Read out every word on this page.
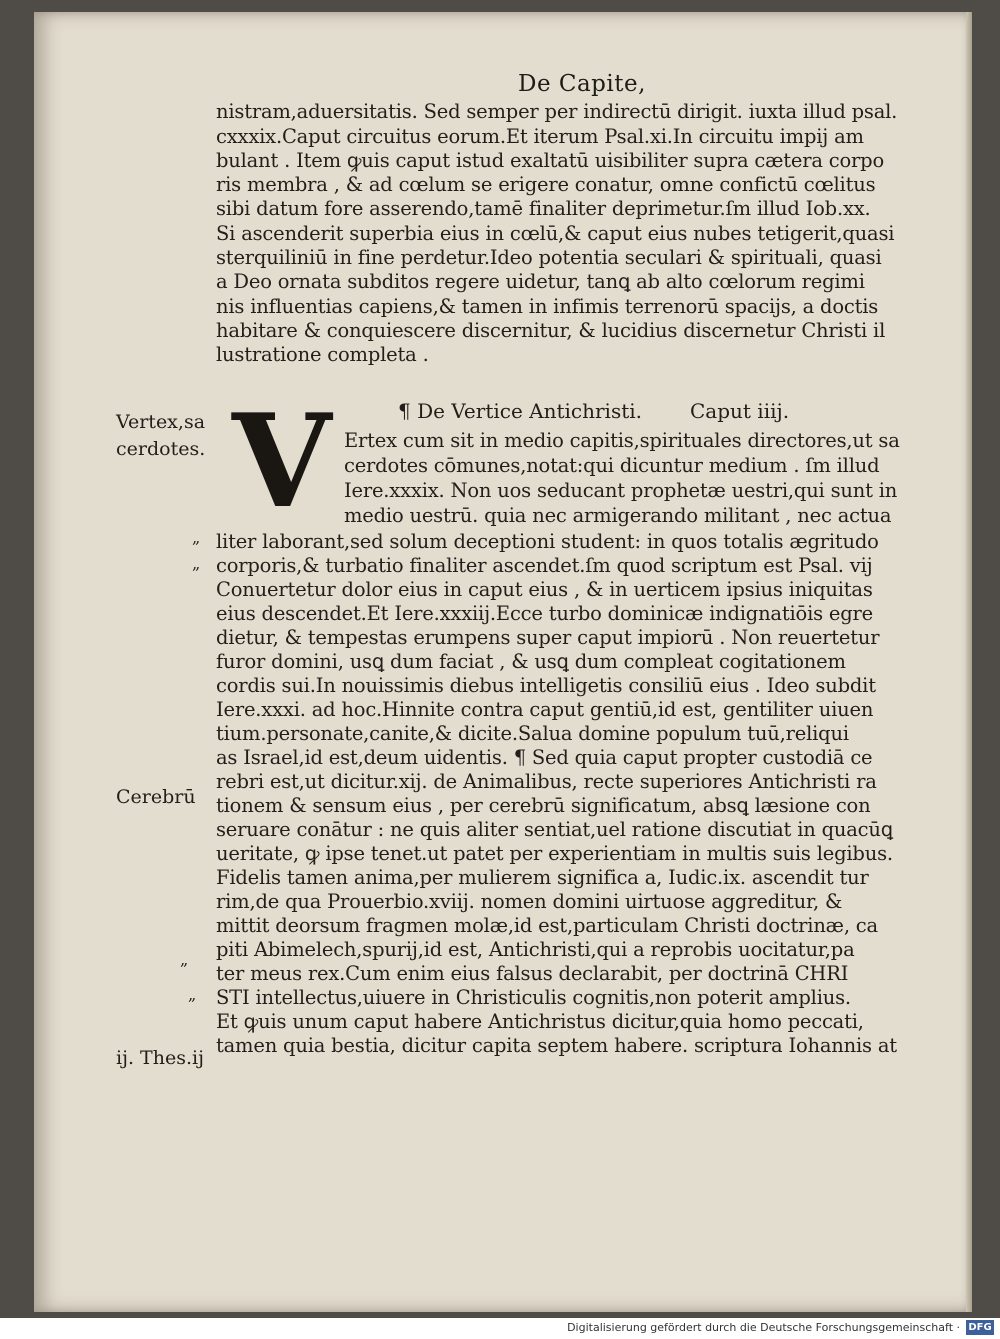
De Capite,
nistram,aduersitatis. Sed semper per indirectū dirigit. iuxta illud psal.
cxxxix.Caput circuitus eorum.Et iterum Psal.xi.In circuitu impij am
bulant . Item ꝙuis caput istud exaltatū uisibiliter supra cætera corpo
ris membra , & ad cœlum se erigere conatur, omne confictū cœlitus
sibi datum fore asserendo,tamē finaliter deprimetur.ſm illud Iob.xx.
Si ascenderit superbia eius in cœlū,& caput eius nubes tetigerit,quasi
sterquiliniū in fine perdetur.Ideo potentia seculari & spirituali, quasi
a Deo ornata subditos regere uidetur, tanꝗ ab alto cœlorum regimi
nis influentias capiens,& tamen in infimis terrenorū spacijs, a doctis
habitare & conquiescere discernitur, & lucidius discernetur Christi il
lustratione completa .
¶ De Vertice Antichristi. Caput iiij.
V Ertex cum sit in medio capitis,spirituales directores,ut sa
cerdotes cōmunes,notat:qui dicuntur medium . ſm illud
Iere.xxxix. Non uos seducant prophetæ uestri,qui sunt in
medio uestrū. quia nec armigerando militant , nec actua
liter laborant,sed solum deceptioni student: in quos totalis ægritudo
corporis,& turbatio finaliter ascendet.ſm quod scriptum est Psal. vij
Conuertetur dolor eius in caput eius , & in uerticem ipsius iniquitas
eius descendet.Et Iere.xxxiij.Ecce turbo dominicæ indignatiōis egre
dietur, & tempestas erumpens super caput impiorū . Non reuertetur
furor domini, usꝗ dum faciat , & usꝗ dum compleat cogitationem
cordis sui.In nouissimis diebus intelligetis consiliū eius . Ideo subdit
Iere.xxxi. ad hoc.Hinnite contra caput gentiū,id est, gentiliter uiuen
tium.personate,canite,& dicite.Salua domine populum tuū,reliqui
as Israel,id est,deum uidentis. ¶ Sed quia caput propter custodiā ce
rebri est,ut dicitur.xij. de Animalibus, recte superiores Antichristi ra
tionem & sensum eius , per cerebrū significatum, absꝗ læsione con
seruare conātur : ne quis aliter sentiat,uel ratione discutiat in quacūꝗ
ueritate, ꝙ ipse tenet.ut patet per experientiam in multis suis legibus.
Fidelis tamen anima,per mulierem significa a, Iudic.ix. ascendit tur
rim,de qua Prouerbio.xviij. nomen domini uirtuose aggreditur, &
mittit deorsum fragmen molæ,id est,particulam Christi doctrinæ, ca
piti Abimelech,spurij,id est, Antichristi,qui a reprobis uocitatur,pa
ter meus rex.Cum enim eius falsus declarabit, per doctrinā CHRI
STI intellectus,uiuere in Christiculis cognitis,non poterit amplius.
Et ꝙuis unum caput habere Antichristus dicitur,quia homo peccati,
tamen quia bestia, dicitur capita septem habere. scriptura Iohannis at
Vertex,sa
cerdotes.
Cerebrū
ij. Thes.ij
„
„
„
„
Digitalisierung gefördert durch die Deutsche Forschungsgemeinschaft · DFG
